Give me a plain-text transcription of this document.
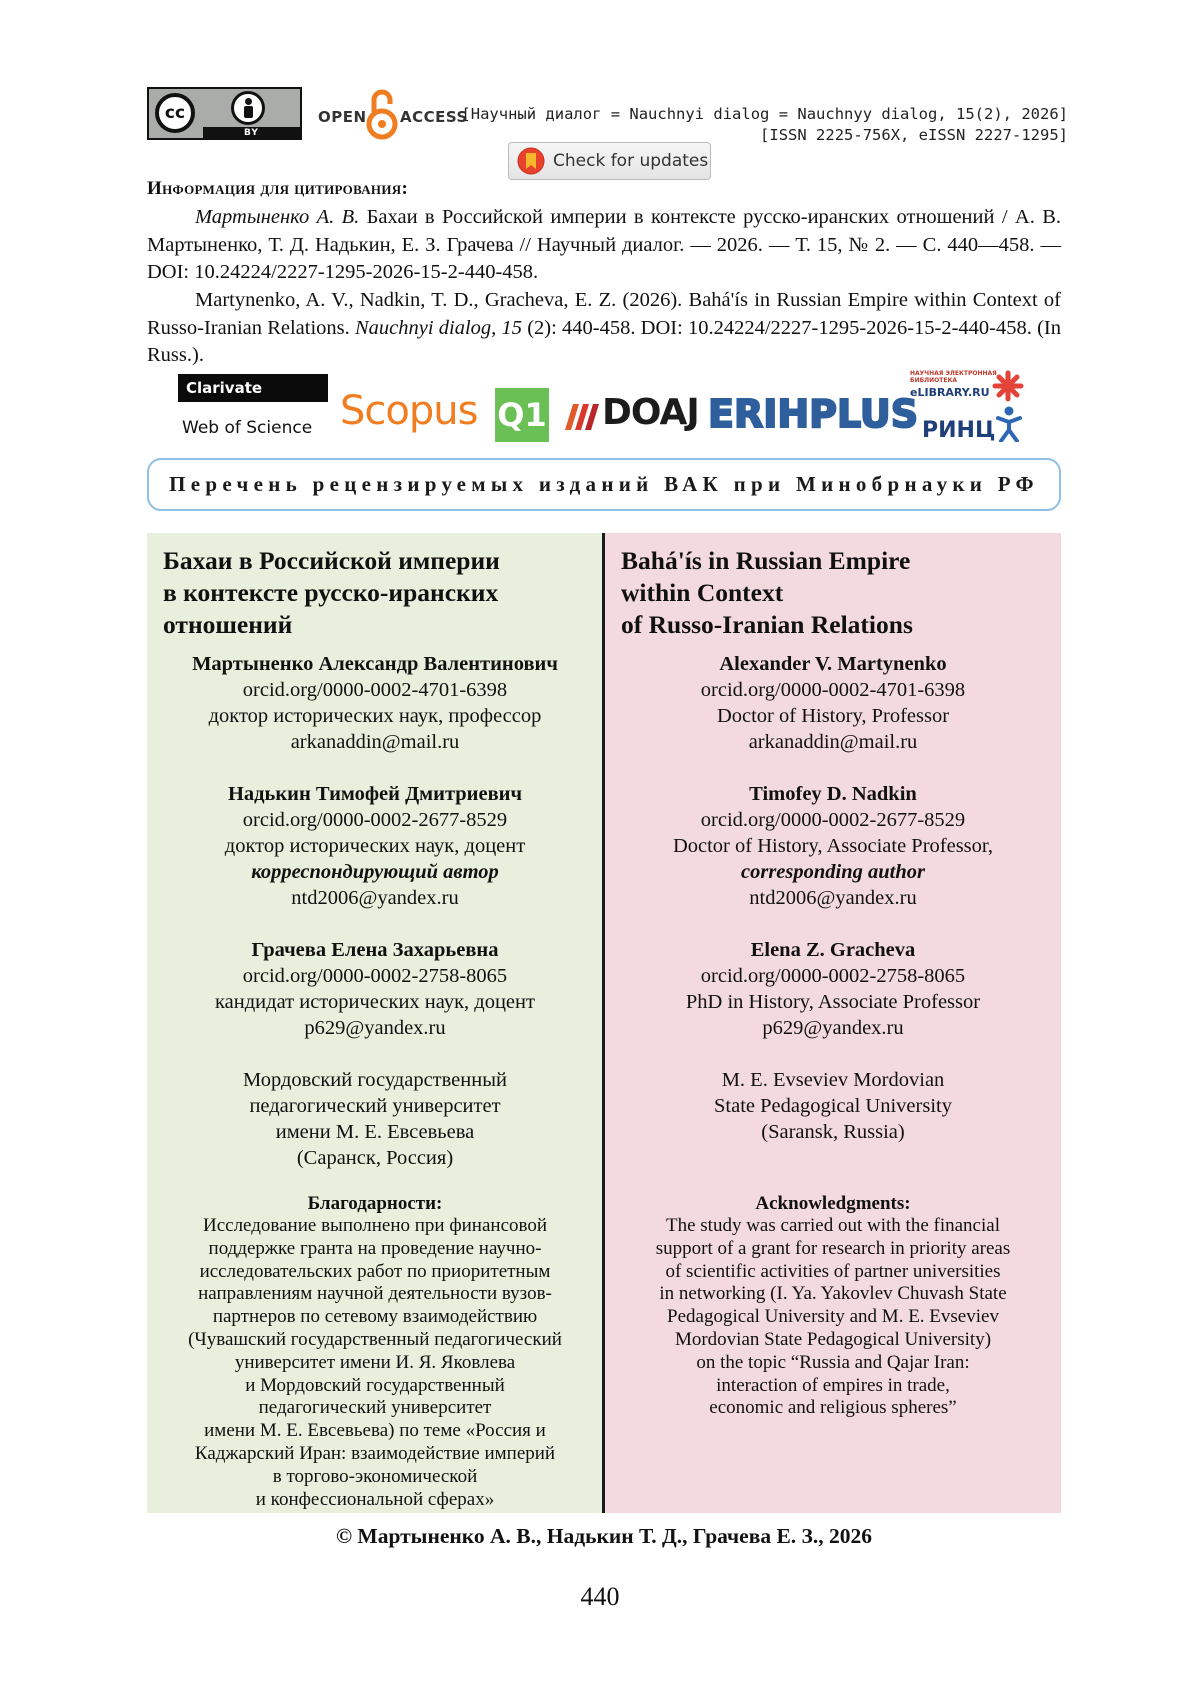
cc
BY
OPEN ACCESS
[Научный диалог = Nauchnyi dialog = Nauchnyy dialog, 15(2), 2026]
[ISSN 2225-756X, eISSN 2227-1295]
Check for updates
Информация для цитирования:

Мартыненко А. В. Бахаи в Российской империи в контексте русско-иранских отношений / А. В. Мартыненко, Т. Д. Надькин, Е. З. Грачева // Научный диалог. — 2026. — Т. 15, № 2. — С. 440—458. — DOI: 10.24224/2227-1295-2026-15-2-440-458.

Martynenko, A. V., Nadkin, T. D., Gracheva, E. Z. (2026). Bahá'ís in Russian Empire within Context of Russo-Iranian Relations. Nauchnyi dialog, 15 (2): 440-458. DOI: 10.24224/2227-1295-2026-15-2-440-458. (In Russ.).

Clarivate
Web of Science Scopus Q1 DOAJ ERIHPLUS
НАУЧНАЯ ЭЛЕКТРОННАЯ БИБЛИОТЕКА
eLIBRARY.RU
РИНЦ
Перечень рецензируемых изданий ВАК при Минобрнауки РФ
Бахаи в Российской империи
в контексте русско-иранских
отношений
Мартыненко Александр Валентинович
orcid.org/0000-0002-4701-6398
доктор исторических наук, профессор
arkanaddin@mail.ru
Надькин Тимофей Дмитриевич
orcid.org/0000-0002-2677-8529
доктор исторических наук, доцент
корреспондирующий автор
ntd2006@yandex.ru
Грачева Елена Захарьевна
orcid.org/0000-0002-2758-8065
кандидат исторических наук, доцент
p629@yandex.ru
Мордовский государственный
педагогический университет
имени М. Е. Евсевьева
(Саранск, Россия)
Благодарности:
Исследование выполнено при финансовой
поддержке гранта на проведение научно-
исследовательских работ по приоритетным
направлениям научной деятельности вузов-
партнеров по сетевому взаимодействию
(Чувашский государственный педагогический
университет имени И. Я. Яковлева
и Мордовский государственный
педагогический университет
имени М. Е. Евсевьева) по теме «Россия и
Каджарский Иран: взаимодействие империй
в торгово-экономической
и конфессиональной сферах»
Bahá'ís in Russian Empire
within Context
of Russo-Iranian Relations
Alexander V. Martynenko
orcid.org/0000-0002-4701-6398
Doctor of History, Professor
arkanaddin@mail.ru
Timofey D. Nadkin
orcid.org/0000-0002-2677-8529
Doctor of History, Associate Professor,
corresponding author
ntd2006@yandex.ru
Elena Z. Gracheva
orcid.org/0000-0002-2758-8065
PhD in History, Associate Professor
p629@yandex.ru
M. E. Evseviev Mordovian
State Pedagogical University
(Saransk, Russia)
Acknowledgments:
The study was carried out with the financial
support of a grant for research in priority areas
of scientific activities of partner universities
in networking (I. Ya. Yakovlev Chuvash State
Pedagogical University and M. E. Evseviev
Mordovian State Pedagogical University)
on the topic “Russia and Qajar Iran:
interaction of empires in trade,
economic and religious spheres”
© Мартыненко А. В., Надькин Т. Д., Грачева Е. З., 2026
440
